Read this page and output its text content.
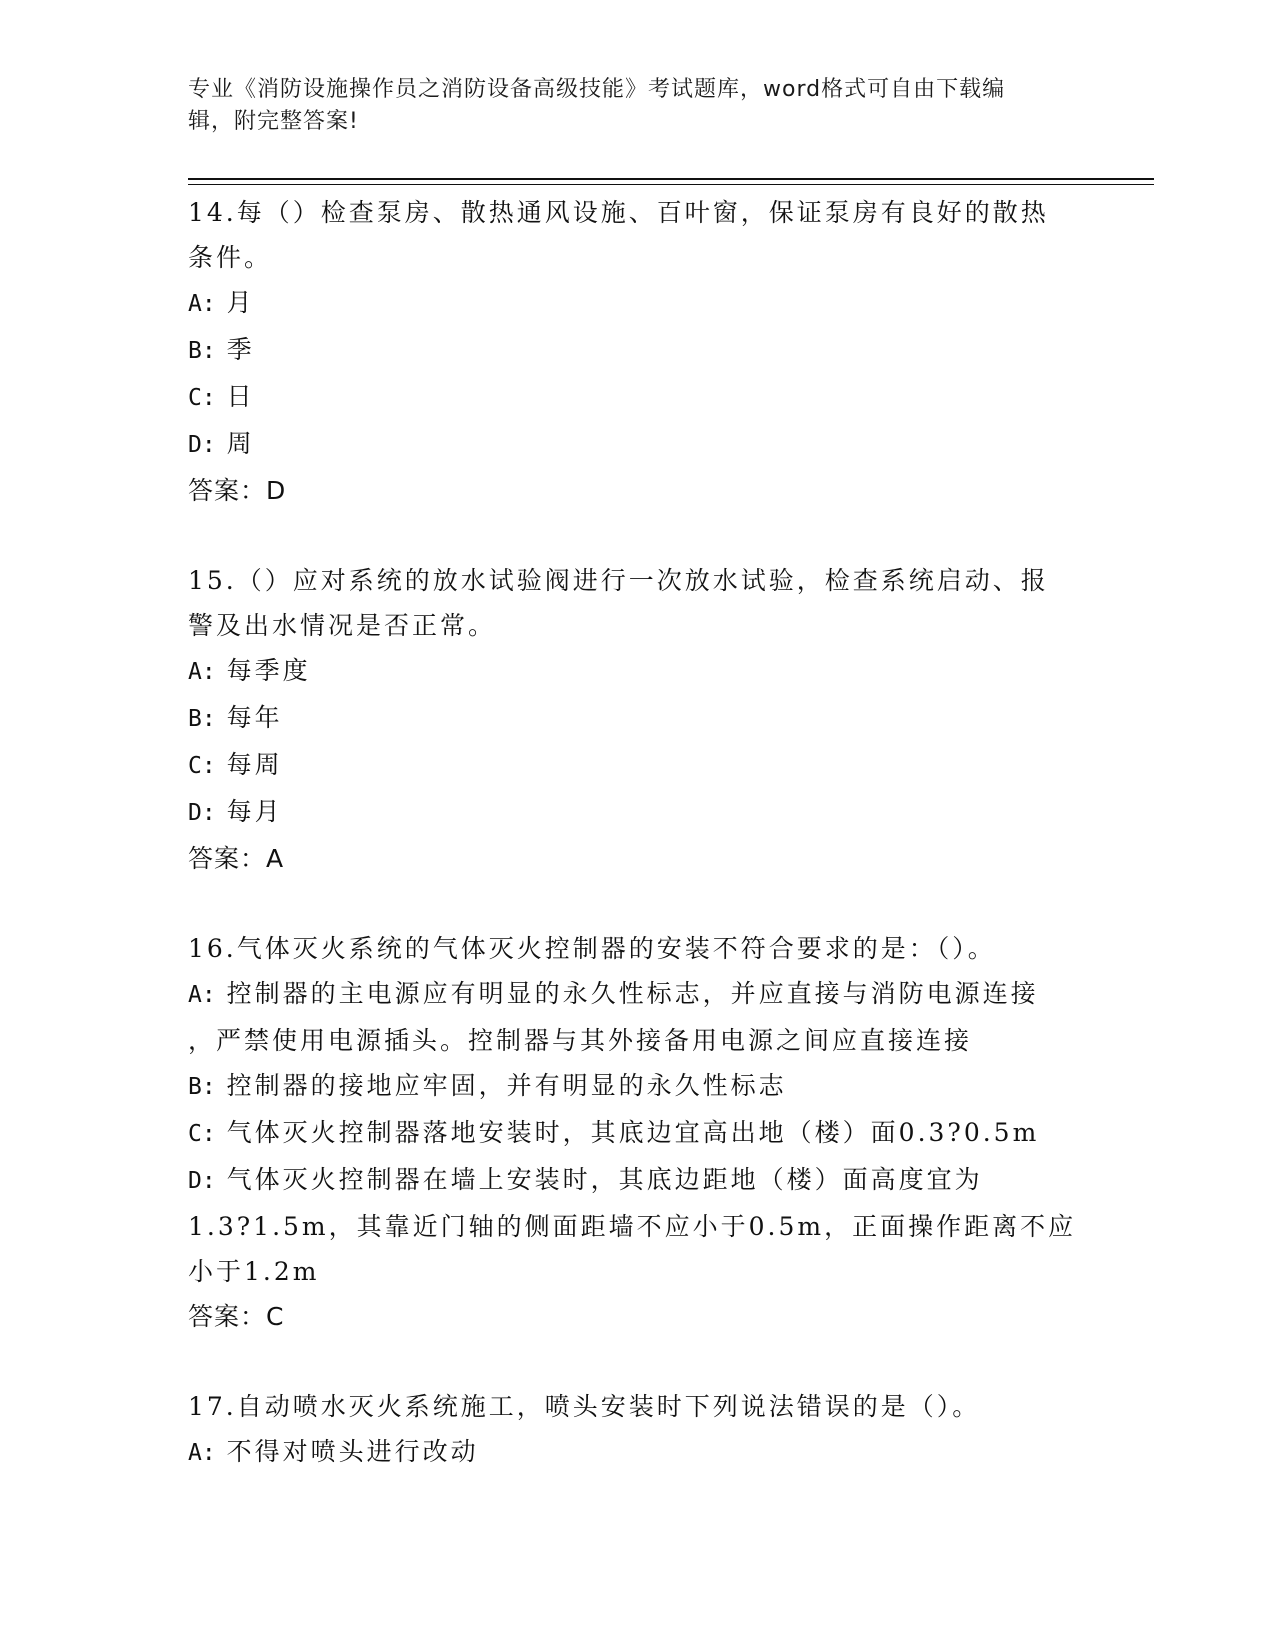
专业《消防设施操作员之消防设备高级技能》考试题库，word格式可自由下载编
辑，附完整答案!
14.每（）检查泵房、散热通风设施、百叶窗，保证泵房有良好的散热
条件。
A: 月
B: 季
C: 日
D: 周
答案：D
15.（）应对系统的放水试验阀进行一次放水试验，检查系统启动、报
警及出水情况是否正常。
A: 每季度
B: 每年
C: 每周
D: 每月
答案：A
16.气体灭火系统的气体灭火控制器的安装不符合要求的是：（）。
A: 控制器的主电源应有明显的永久性标志，并应直接与消防电源连接
，严禁使用电源插头。控制器与其外接备用电源之间应直接连接
B: 控制器的接地应牢固，并有明显的永久性标志
C: 气体灭火控制器落地安装时，其底边宜高出地（楼）面0.3?0.5m
D: 气体灭火控制器在墙上安装时，其底边距地（楼）面高度宜为
1.3?1.5m，其靠近门轴的侧面距墙不应小于0.5m，正面操作距离不应
小于1.2m
答案：C
17.自动喷水灭火系统施工，喷头安装时下列说法错误的是（）。
A: 不得对喷头进行改动
